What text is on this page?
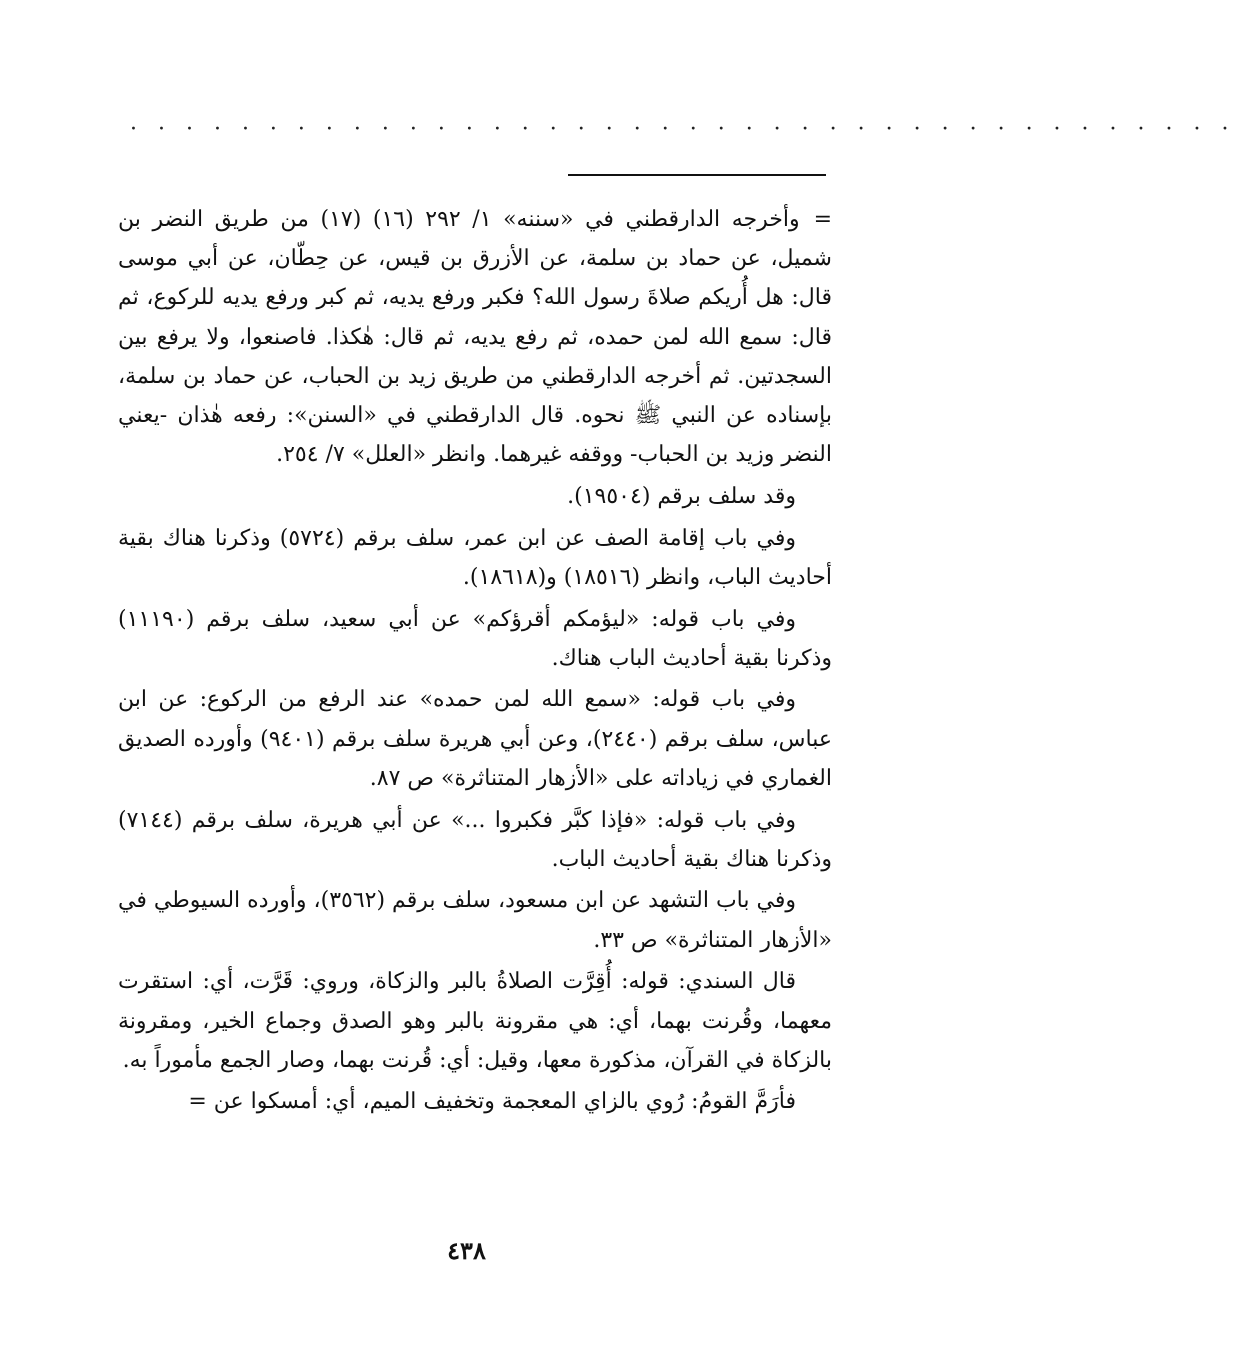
· · · · · · · · · · · · · · · · · · · · · · · · · · · · · · · · · · · · · · · ·

=وأخرجه الدارقطني في «سننه» ١/ ٢٩٢ (١٦) (١٧) من طريق النضر بن شميل، عن حماد بن سلمة، عن الأزرق بن قيس، عن حِطّان، عن أبي موسى قال: هل أُريكم صلاةَ رسول الله؟ فكبر ورفع يديه، ثم كبر ورفع يديه للركوع، ثم قال: سمع الله لمن حمده، ثم رفع يديه، ثم قال: هٰكذا. فاصنعوا، ولا يرفع بين السجدتين. ثم أخرجه الدارقطني من طريق زيد بن الحباب، عن حماد بن سلمة، بإسناده عن النبي ﷺ نحوه. قال الدارقطني في «السنن»: رفعه هٰذان -يعني النضر وزيد بن الحباب- ووقفه غيرهما. وانظر «العلل» ٧/ ٢٥٤.

وقد سلف برقم (١٩٥٠٤).

وفي باب إقامة الصف عن ابن عمر، سلف برقم (٥٧٢٤) وذكرنا هناك بقية أحاديث الباب، وانظر (١٨٥١٦) و(١٨٦١٨).

وفي باب قوله: «ليؤمكم أقرؤكم» عن أبي سعيد، سلف برقم (١١١٩٠) وذكرنا بقية أحاديث الباب هناك.

وفي باب قوله: «سمع الله لمن حمده» عند الرفع من الركوع: عن ابن عباس، سلف برقم (٢٤٤٠)، وعن أبي هريرة سلف برقم (٩٤٠١) وأورده الصديق الغماري في زياداته على «الأزهار المتناثرة» ص ٨٧.

وفي باب قوله: «فإذا كبَّر فكبروا ...» عن أبي هريرة، سلف برقم (٧١٤٤) وذكرنا هناك بقية أحاديث الباب.

وفي باب التشهد عن ابن مسعود، سلف برقم (٣٥٦٢)، وأورده السيوطي في «الأزهار المتناثرة» ص ٣٣.

قال السندي: قوله: أُقِرَّت الصلاةُ بالبر والزكاة، وروي: قَرَّت، أي: استقرت معهما، وقُرنت بهما، أي: هي مقرونة بالبر وهو الصدق وجماع الخير، ومقرونة بالزكاة في القرآن، مذكورة معها، وقيل: أي: قُرنت بهما، وصار الجمع مأموراً به.

فأرَمَّ القومُ: رُوي بالزاي المعجمة وتخفيف الميم، أي: أمسكوا عن =

٤٣٨
